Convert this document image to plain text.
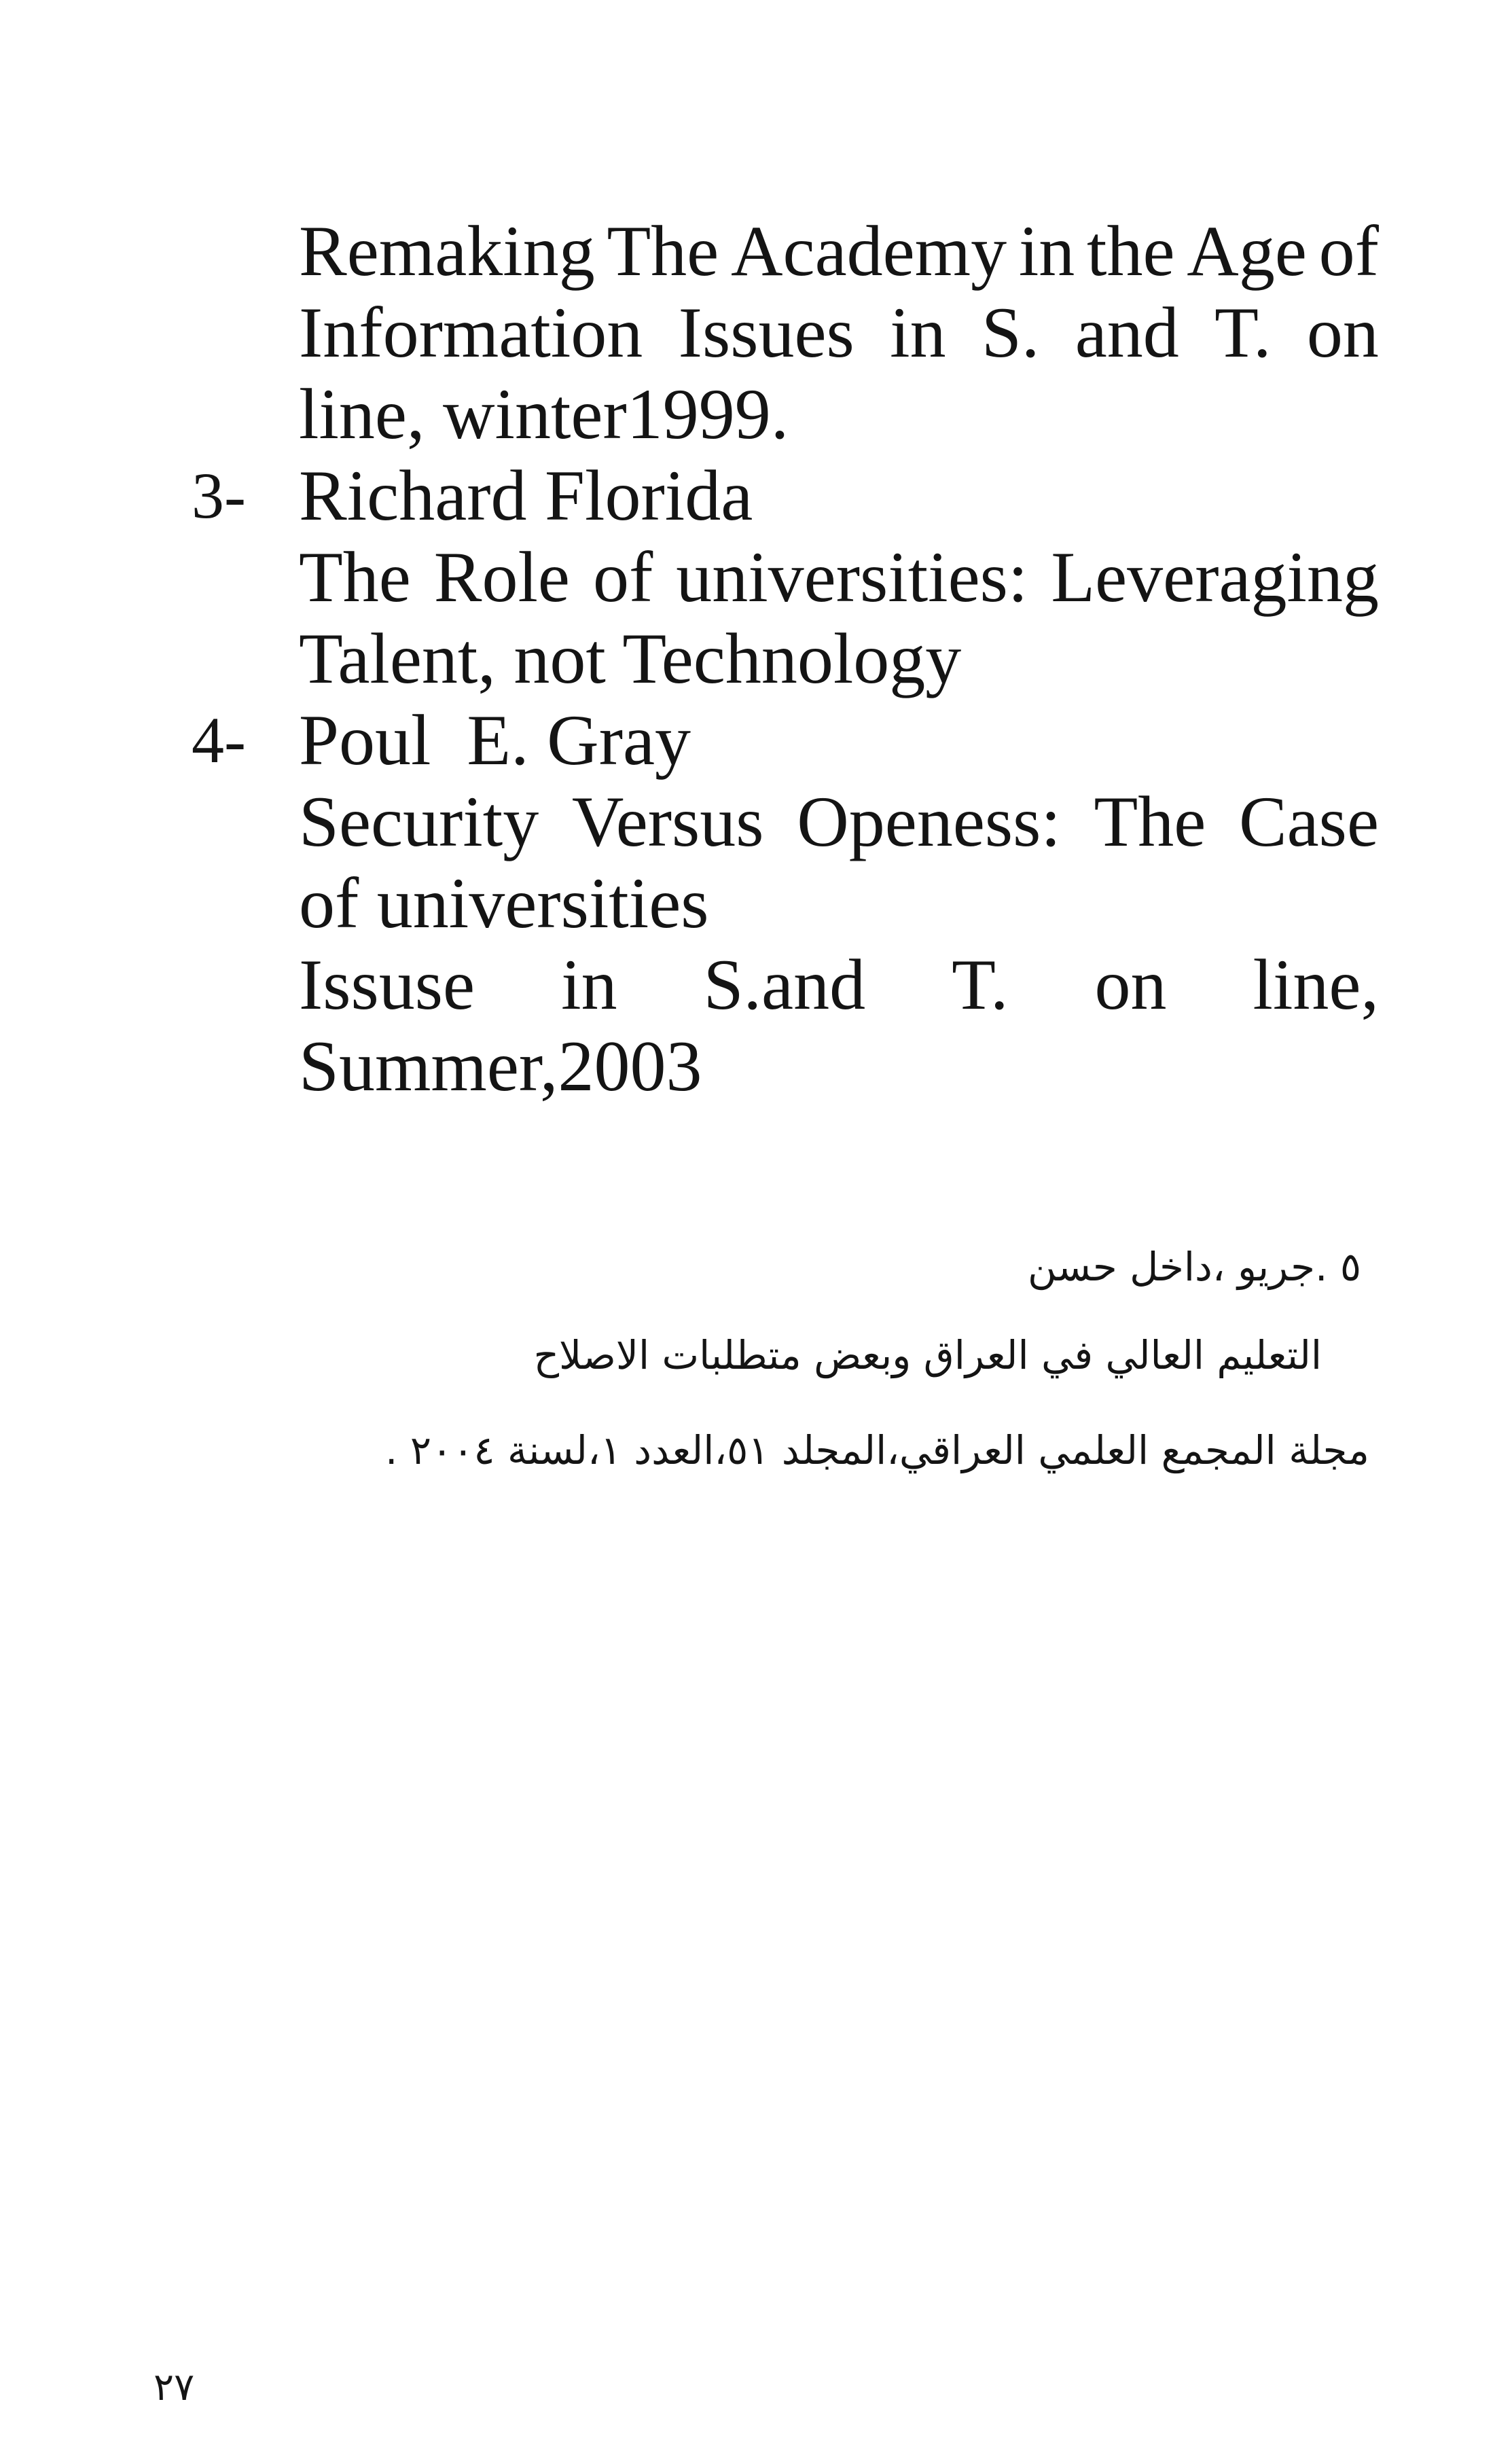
Remaking The Academy in the Age of
Information Issues in S. and T. on
line, winter1999.
3- Richard Florida
The Role of universities: Leveraging
Talent, not Technology
4- Poul  E. Gray
Security Versus Openess: The Case
of universities
Issuse in S.and T. on line,
Summer,2003
٥ .جريو ،داخل حسن
التعليم العالي في العراق وبعض متطلبات الاصلاح
مجلة المجمع العلمي العراقي،المجلد ٥١،العدد ١،لسنة ٢٠٠٤ .
٢٧
